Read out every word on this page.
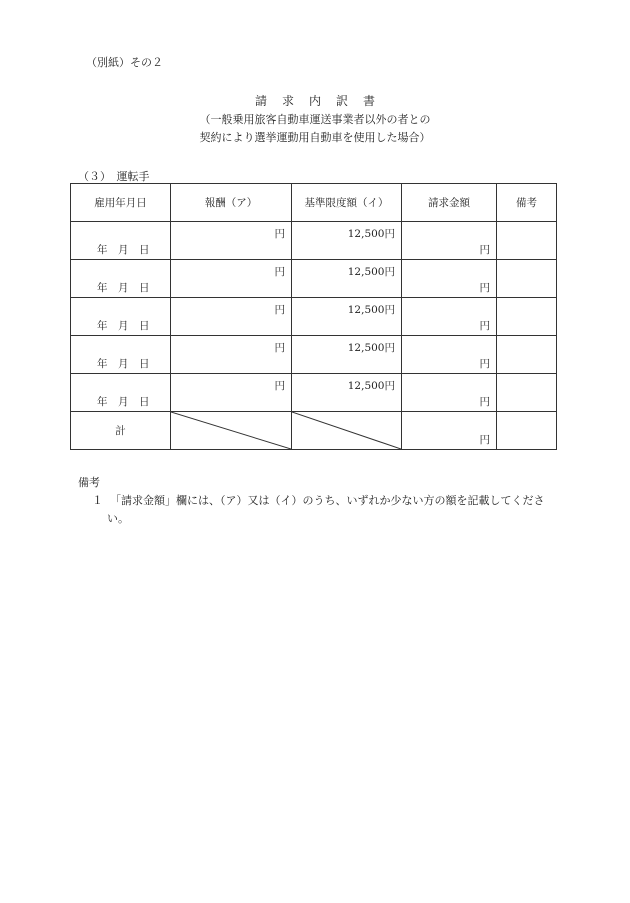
（別紙）その２
請求内訳書
（一般乗用旅客自動車運送事業者以外の者との
契約により選挙運動用自動車を使用した場合）
（３）　運転手
雇用年月日	報酬（ア）	基準限度額（イ）	請求金額	備考

年　月　日	円	12,500円	円	

年　月　日	円	12,500円	円	

年　月　日	円	12,500円	円	

年　月　日	円	12,500円	円	

年　月　日	円	12,500円	円	

計			円	

備考
１ 「請求金額」欄には、（ア）又は（イ）のうち、いずれか少ない方の額を記載してくださ
い。
